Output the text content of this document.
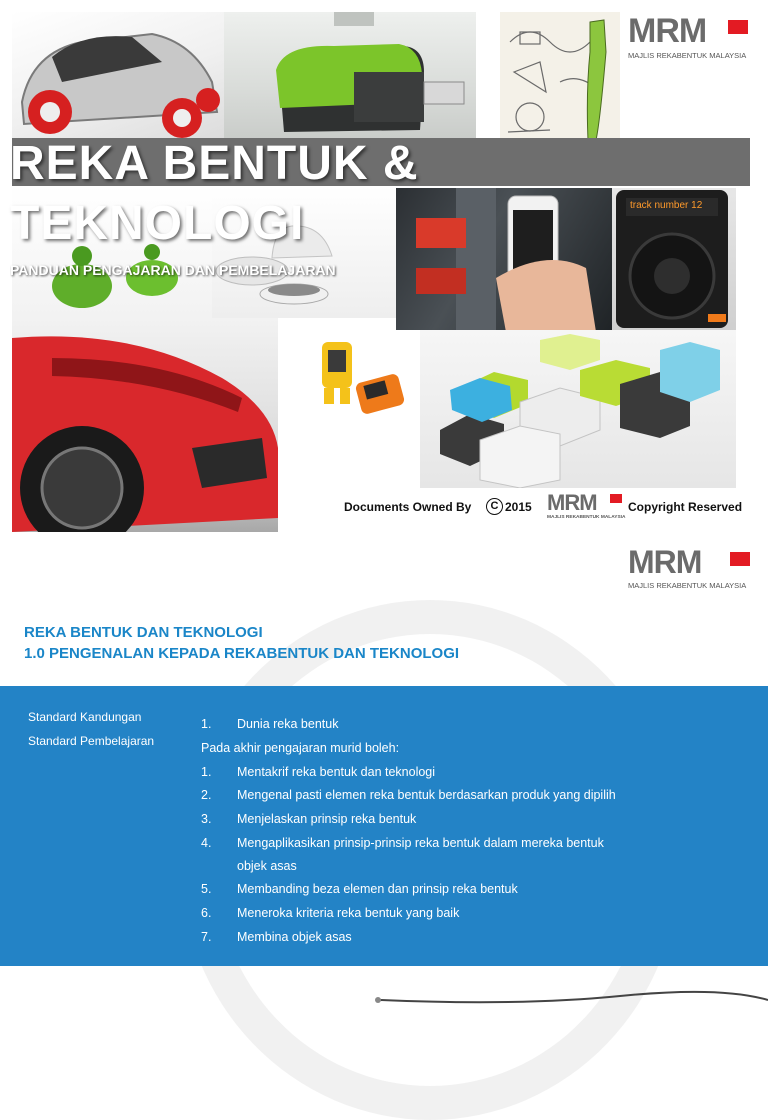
MRM
MAJLIS REKABENTUK MALAYSIA
track number 12
REKA BENTUK &
TEKNOLOGI
PANDUAN PENGAJARAN DAN PEMBELAJARAN
Documents Owned By	C 2015 MRM
MAJLIS REKABENTUK MALAYSIA
Copyright Reserved
MRM
MAJLIS REKABENTUK MALAYSIA
REKA BENTUK DAN TEKNOLOGI
1.0 PENGENALAN KEPADA REKABENTUK DAN TEKNOLOGI
Standard Kandungan
Standard Pembelajaran
1. Dunia reka bentuk
Pada akhir pengajaran murid boleh:
1. Mentakrif reka bentuk dan teknologi
2. Mengenal pasti elemen reka bentuk berdasarkan produk yang dipilih
3. Menjelaskan prinsip reka bentuk
4. Mengaplikasikan prinsip-prinsip reka bentuk dalam mereka bentuk
objek asas
5. Membanding beza elemen dan prinsip reka bentuk
6. Meneroka kriteria reka bentuk yang baik
7. Membina objek asas
